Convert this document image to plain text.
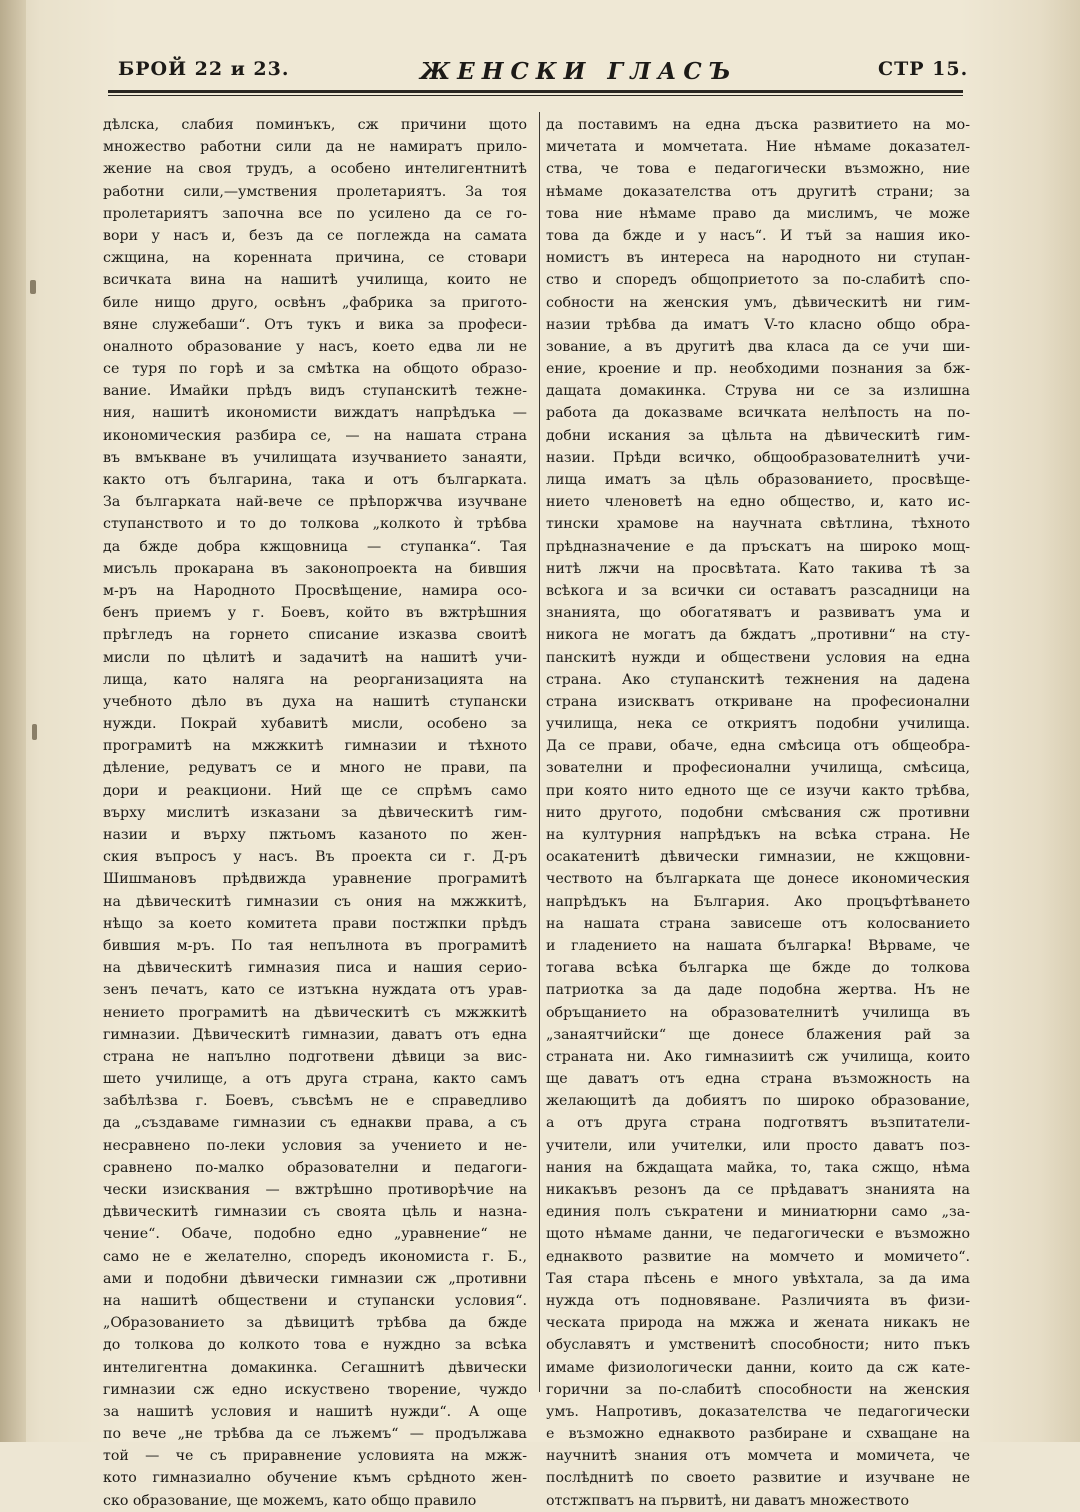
БРОЙ 22 и 23.	ЖЕНСКИ ГЛАСЪ	СТР 15.
дѣлска, слабия поминъкъ, сж причини щото
множество работни сили да не намиратъ прило-
жение на своя трудъ, а особено интелигентнитѣ
работни сили,—умствения пролетариятъ. За тоя
пролетариятъ започна все по усилено да се го-
вори у насъ и, безъ да се поглежда на самата
сжщина, на коренната причина, се стовари
всичката вина на нашитѣ училища, които не
биле нищо друго, освѣнъ „фабрика за пригото-
вяне служебаши“. Отъ тукъ и вика за професи-
оналното образование у насъ, което едва ли не
се туря по горѣ и за смѣтка на общото образо-
вание. Имайки прѣдъ видъ ступанскитѣ тежне-
ния, нашитѣ икономисти виждатъ напрѣдъка —
икономическия разбира се, — на нашата страна
въ вмъкване въ училищата изучванието занаяти,
както отъ българина, така и отъ българката.
За българката най-вече се прѣпоржчва изучване
ступанството и то до толкова „колкото ѝ трѣбва
да бжде добра кжщовница — ступанка“. Тая
мисъль прокарана въ законопроекта на бившия
м-ръ на Народното Просвѣщение, намира осо-
бенъ приемъ у г. Боевъ, който въ вжтрѣшния
прѣгледъ на горнето списание изказва своитѣ
мисли по цѣлитѣ и задачитѣ на нашитѣ учи-
лища, като налягa на реорганизацията на
учебното дѣло въ духа на нашитѣ ступански
нужди. Покрай хубавитѣ мисли, особено за
програмитѣ на мжжкитѣ гимназии и тѣхното
дѣление, редуватъ се и много не прави, па
дори и реакциони. Ний ще се спрѣмъ само
върху мислитѣ изказани за дѣвическитѣ гим-
назии и върху пжтьомъ казаното по жен-
ския въпросъ у насъ. Въ проекта си г. Д-ръ
Шишмановъ прѣдвижда уравнение програмитѣ
на дѣвическитѣ гимназии съ ония на мжжкитѣ,
нѣщо за което комитета прави постжпки прѣдъ
бившия м-ръ. По тая непълнота въ програмитѣ
на дѣвическитѣ гимназия писа и нашия серио-
зенъ печатъ, като се изтъкна нуждата отъ урав-
нението програмитѣ на дѣвическитѣ съ мжжкитѣ
гимназии. Дѣвическитѣ гимназии, даватъ отъ една
страна не напълно подготвени дѣвици за вис-
шето училище, а отъ друга страна, както самъ
забѣлѣзва г. Боевъ, съвсѣмъ не е справедливо
да „създаваме гимназии съ еднакви права, а съ
несравнено по-леки условия за учението и не-
сравнено по-малко образователни и педагоги-
чески изисквания — вжтрѣшно противорѣчие на
дѣвическитѣ гимназии съ своята цѣль и назна-
чение“. Обаче, подобно едно „уравнение“ не
само не е желателно, споредъ икономиста г. Б.,
ами и подобни дѣвически гимназии сж „противни
на нашитѣ обществени и ступански условия“.
„Образованието за дѣвицитѣ трѣбва да бжде
до толкова до колкото това е нуждно за всѣка
интелигентна домакинка. Сегашнитѣ дѣвически
гимназии сж едно искуствено творение, чуждо
за нашитѣ условия и нашитѣ нужди“. А още
по вече „не трѣбва да се лъжемъ“ — продължава
той — че съ приравнение условията на мжж-
кото гимназиално обучение къмъ срѣдното жен-
ско образование, ще можемъ, като общо правило
да поставимъ на една дъска развитието на мо-
мичетата и момчетата. Ние нѣмаме доказател-
ства, че това е педагогически възможно, ние
нѣмаме доказателства отъ другитѣ страни; за
това ние нѣмаме право да мислимъ, че може
това да бжде и у насъ“. И тъй за нашия ико-
номистъ въ интереса на народното ни ступан-
ство и споредъ общоприетото за по-слабитѣ спо-
собности на женския умъ, дѣвическитѣ ни гим-
назии трѣбва да иматъ V-то класно общо обра-
зование, а въ другитѣ два класа да се учи ши-
ение, кроение и пр. необходими познания за бж-
дащата домакинка. Струва ни се за излишна
работа да доказваме всичката нелѣпость на по-
добни искания за цѣльта на дѣвическитѣ гим-
назии. Прѣди всичко, общообразователнитѣ учи-
лища иматъ за цѣль образованието, просвѣще-
нието членоветѣ на едно общество, и, като ис-
тински храмове на научната свѣтлина, тѣхното
прѣдназначение е да пръскатъ на широко мощ-
нитѣ лжчи на просвѣтата. Като такива тѣ за
всѣкога и за всички си оставатъ разсадници на
знанията, що обогатяватъ и развиватъ ума и
никога не могатъ да бждатъ „противни“ на сту-
панскитѣ нужди и обществени условия на една
страна. Ако ступанскитѣ тежнения на дадена
страна изискватъ откриване на професионални
училища, нека се откриятъ подобни училища.
Да се прави, обаче, една смѣсица отъ общеобра-
зователни и професионални училища, смѣсица,
при която нито едното ще се изучи както трѣбва,
нито другото, подобни смѣсвания сж противни
на културния напрѣдъкъ на всѣка страна. Не
осакатенитѣ дѣвически гимназии, не кжщовни-
чеството на българката ще донесе икономическия
напрѣдъкъ на България. Ако процъфтѣването
на нашата страна зависеше отъ колосванието
и гладението на нашата българка! Вѣрваме, че
тогава всѣка българка ще бжде до толкова
патриотка за да даде подобна жертва. Нъ не
обръщанието на образователнитѣ училища въ
„занаятчийски“ ще донесе блажения рай за
страната ни. Ако гимназиитѣ сж училища, които
ще даватъ отъ една страна възможность на
желающитѣ да добиятъ по широко образование,
а отъ друга страна подготвятъ възпитатели-
учители, или учителки, или просто даватъ поз-
нания на бждащата майка, то, така сжщо, нѣма
никакъвъ резонъ да се прѣдаватъ знанията на
единия полъ съкратени и миниатюрни само „за-
щото нѣмаме данни, че педагогически е възможно
еднаквото развитие на момчето и момичето“.
Тая стара пѣсень е много увѣхтала, за да има
нужда отъ подновяване. Различията въ физи-
ческата природа на мжжа и жената никакъ не
обуславятъ и умственитѣ способности; нито пъкъ
имаме физиологически данни, които да сж кате-
горични за по-слабитѣ способности на женския
умъ. Напротивъ, доказателства че педагогически
е възможно еднаквото разбиране и схващане на
научнитѣ знания отъ момчета и момичета, че
послѣднитѣ по своето развитие и изучване не
отстжпватъ на първитѣ, ни даватъ множеството
